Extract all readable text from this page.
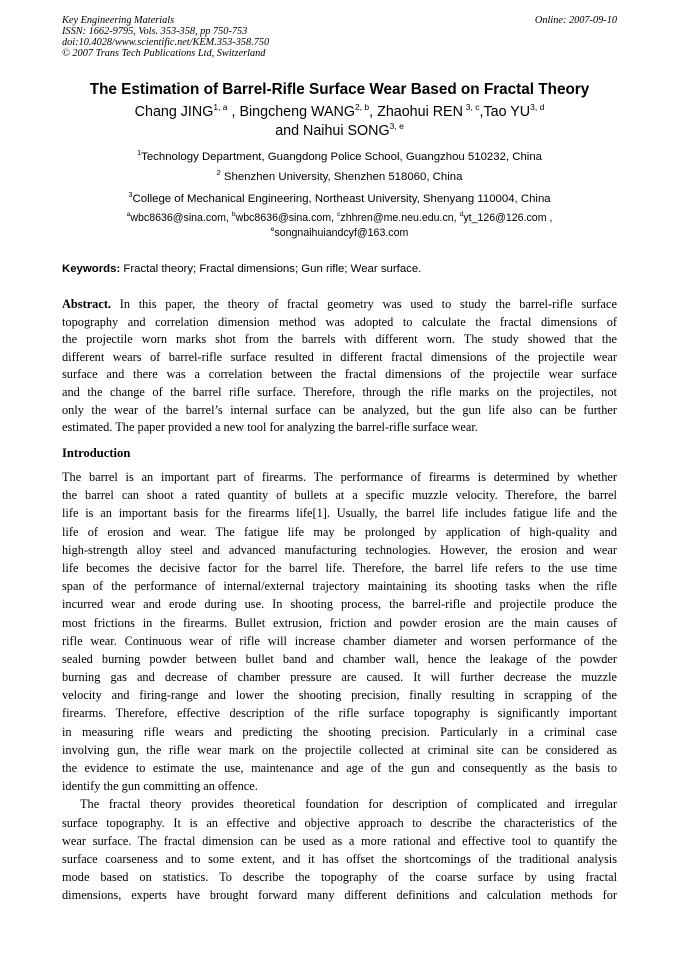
Key Engineering Materials
ISSN: 1662-9795, Vols. 353-358, pp 750-753
doi:10.4028/www.scientific.net/KEM.353-358.750
© 2007 Trans Tech Publications Ltd, Switzerland
Online: 2007-09-10
The Estimation of Barrel-Rifle Surface Wear Based on Fractal Theory
Chang JING$^{1, a}$ , Bingcheng WANG$^{2, b}$, Zhaohui REN  $^{3, c}$,Tao YU$^{3, d}$
and Naihui SONG$^{3, e}$
$^1$Technology Department, Guangdong Police School, Guangzhou 510232, China
$^2$ Shenzhen University, Shenzhen 518060, China
$^3$College of Mechanical Engineering, Northeast University, Shenyang 110004, China
$^a$wbc8636@sina.com, $^b$wbc8636@sina.com, $^c$zhhren@me.neu.edu.cn, $^d$yt_126@126.com ,
$^e$songnaihuiandcyf@163.com
Keywords: Fractal theory; Fractal dimensions; Gun rifle; Wear surface.
Abstract. In this paper, the theory of fractal geometry was used to study the barrel-rifle surface
topography and correlation dimension method was adopted to calculate the fractal dimensions of
the projectile worn marks shot from the barrels with different worn. The study showed that the
different wears of barrel-rifle surface resulted in different fractal dimensions of the projectile wear
surface and there was a correlation between the fractal dimensions of the projectile wear surface
and the change of the barrel rifle surface. Therefore, through the rifle marks on the projectiles, not
only the wear of the barrel’s internal surface can be analyzed, but the gun life also can be further
estimated. The paper provided a new tool for analyzing the barrel-rifle surface wear.
Introduction
The barrel is an important part of firearms. The performance of firearms is determined by whether
the barrel can shoot a rated quantity of bullets at a specific muzzle velocity. Therefore, the barrel
life is an important basis for the firearms life[1]. Usually, the barrel life includes fatigue life and the
life of erosion and wear. The fatigue life may be prolonged by application of high-quality and
high-strength alloy steel and advanced manufacturing technologies. However, the erosion and wear
life becomes the decisive factor for the barrel life. Therefore, the barrel life refers to the use time
span of the performance of internal/external trajectory maintaining its shooting tasks when the rifle
incurred wear and erode during use. In shooting process, the barrel-rifle and projectile produce the
most frictions in the firearms. Bullet extrusion, friction and powder erosion are the main causes of
rifle wear. Continuous wear of rifle will increase chamber diameter and worsen performance of the
sealed burning powder between bullet band and chamber wall, hence the leakage of the powder
burning gas and decrease of chamber pressure are caused. It will further decrease the muzzle
velocity and firing-range and lower the shooting precision, finally resulting in scrapping of the
firearms. Therefore, effective description of the rifle surface topography is significantly important
in measuring rifle wears and predicting the shooting precision. Particularly in a criminal case
involving gun, the rifle wear mark on the projectile collected at criminal site can be considered as
the evidence to estimate the use, maintenance and age of the gun and consequently as the basis to
identify the gun committing an offence.
The fractal theory provides theoretical foundation for description of complicated and irregular
surface topography. It is an effective and objective approach to describe the characteristics of the
wear surface. The fractal dimension can be used as a more rational and effective tool to quantify the
surface coarseness and to some extent, and it has offset the shortcomings of the traditional analysis
mode based on statistics. To describe the topography of the coarse surface by using fractal
dimensions, experts have brought forward many different definitions and calculation methods for
